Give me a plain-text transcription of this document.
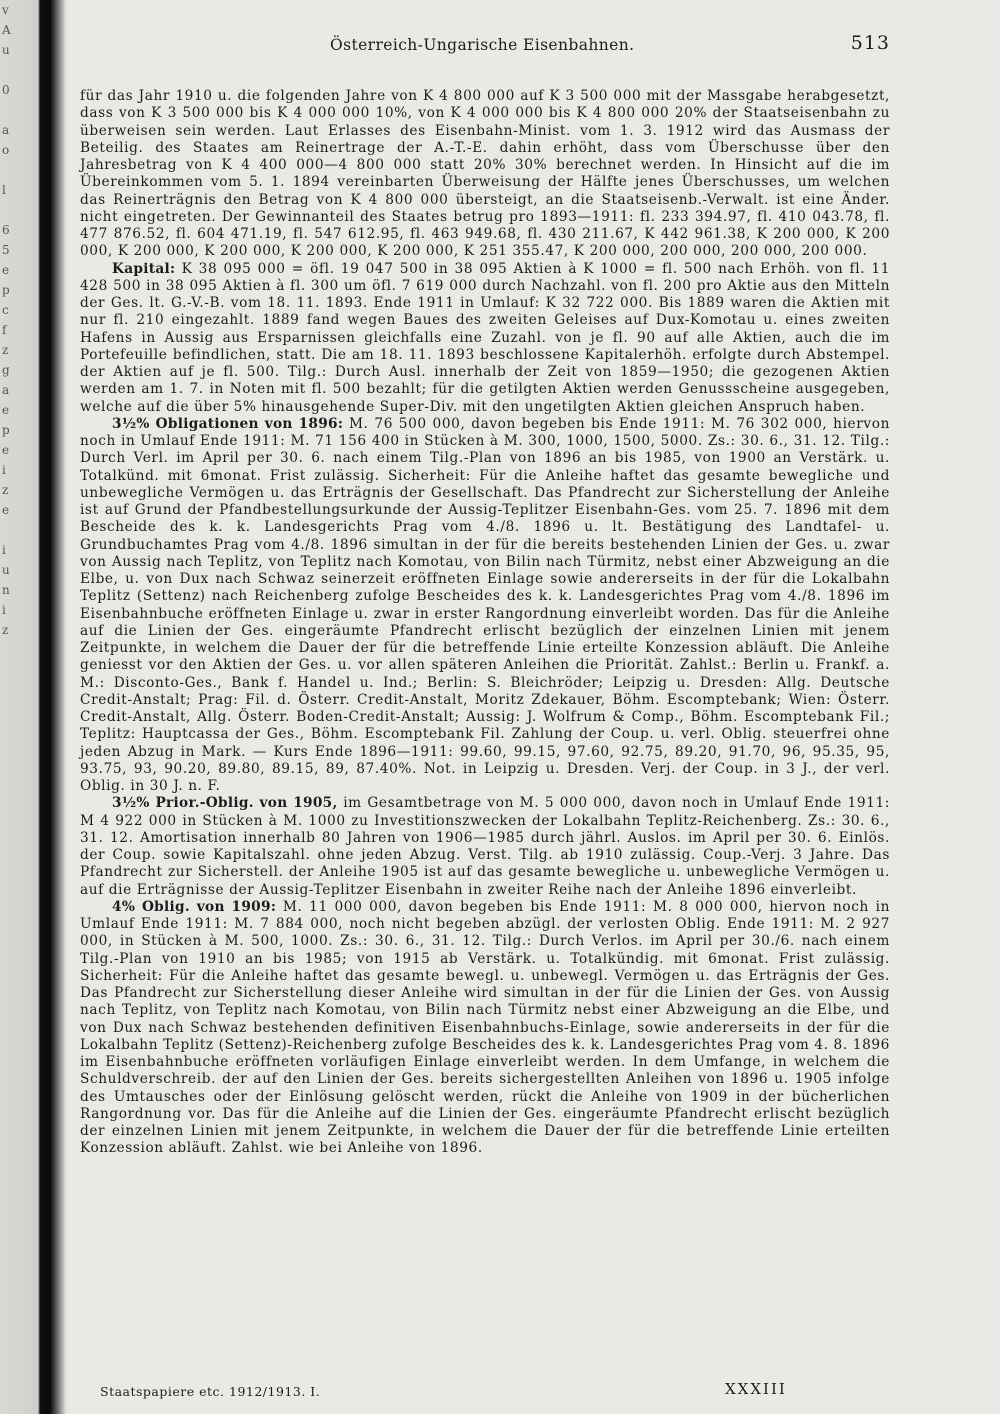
v
A
u

0

a
o

l

6
5
e
p
c
f
z
g
a
e
p
e
i
z
e

i
u
n
i
z
Österreich-Ungarische Eisenbahnen.	513

für das Jahr 1910 u. die folgenden Jahre von K 4 800 000 auf K 3 500 000 mit der Massgabe herabgesetzt, dass von K 3 500 000 bis K 4 000 000 10%, von K 4 000 000 bis K 4 800 000 20% der Staatseisenbahn zu überweisen sein werden. Laut Erlasses des Eisenbahn-Minist. vom 1. 3. 1912 wird das Ausmass der Beteilig. des Staates am Reinertrage der A.-T.-E. dahin erhöht, dass vom Überschusse über den Jahresbetrag von K 4 400 000—4 800 000 statt 20% 30% berechnet werden. In Hinsicht auf die im Übereinkommen vom 5. 1. 1894 vereinbarten Überweisung der Hälfte jenes Überschusses, um welchen das Reinerträgnis den Betrag von K 4 800 000 übersteigt, an die Staatseisenb.-Verwalt. ist eine Änder. nicht eingetreten. Der Gewinnanteil des Staates betrug pro 1893—1911: fl. 233 394.97, fl. 410 043.78, fl. 477 876.52, fl. 604 471.19, fl. 547 612.95, fl. 463 949.68, fl. 430 211.67, K 442 961.38, K 200 000, K 200 000, K 200 000, K 200 000, K 200 000, K 200 000, K 251 355.47, K 200 000, 200 000, 200 000, 200 000.

Kapital: K 38 095 000 = öfl. 19 047 500 in 38 095 Aktien à K 1000 = fl. 500 nach Erhöh. von fl. 11 428 500 in 38 095 Aktien à fl. 300 um öfl. 7 619 000 durch Nachzahl. von fl. 200 pro Aktie aus den Mitteln der Ges. lt. G.-V.-B. vom 18. 11. 1893. Ende 1911 in Umlauf: K 32 722 000. Bis 1889 waren die Aktien mit nur fl. 210 eingezahlt. 1889 fand wegen Baues des zweiten Geleises auf Dux-Komotau u. eines zweiten Hafens in Aussig aus Ersparnissen gleichfalls eine Zuzahl. von je fl. 90 auf alle Aktien, auch die im Portefeuille befindlichen, statt. Die am 18. 11. 1893 beschlossene Kapitalerhöh. erfolgte durch Abstempel. der Aktien auf je fl. 500. Tilg.: Durch Ausl. innerhalb der Zeit von 1859—1950; die gezogenen Aktien werden am 1. 7. in Noten mit fl. 500 bezahlt; für die getilgten Aktien werden Genussscheine ausgegeben, welche auf die über 5% hinausgehende Super-Div. mit den ungetilgten Aktien gleichen Anspruch haben.

3½% Obligationen von 1896: M. 76 500 000, davon begeben bis Ende 1911: M. 76 302 000, hiervon noch in Umlauf Ende 1911: M. 71 156 400 in Stücken à M. 300, 1000, 1500, 5000. Zs.: 30. 6., 31. 12. Tilg.: Durch Verl. im April per 30. 6. nach einem Tilg.-Plan von 1896 an bis 1985, von 1900 an Verstärk. u. Totalkünd. mit 6monat. Frist zulässig. Sicherheit: Für die Anleihe haftet das gesamte bewegliche und unbewegliche Vermögen u. das Erträgnis der Gesellschaft. Das Pfandrecht zur Sicherstellung der Anleihe ist auf Grund der Pfandbestellungsurkunde der Aussig-Teplitzer Eisenbahn-Ges. vom 25. 7. 1896 mit dem Bescheide des k. k. Landesgerichts Prag vom 4./8. 1896 u. lt. Bestätigung des Landtafel- u. Grundbuchamtes Prag vom 4./8. 1896 simultan in der für die bereits bestehenden Linien der Ges. u. zwar von Aussig nach Teplitz, von Teplitz nach Komotau, von Bilin nach Türmitz, nebst einer Abzweigung an die Elbe, u. von Dux nach Schwaz seinerzeit eröffneten Einlage sowie andererseits in der für die Lokalbahn Teplitz (Settenz) nach Reichenberg zufolge Bescheides des k. k. Landesgerichtes Prag vom 4./8. 1896 im Eisenbahnbuche eröffneten Einlage u. zwar in erster Rangordnung einverleibt worden. Das für die Anleihe auf die Linien der Ges. eingeräumte Pfandrecht erlischt bezüglich der einzelnen Linien mit jenem Zeitpunkte, in welchem die Dauer der für die betreffende Linie erteilte Konzession abläuft. Die Anleihe geniesst vor den Aktien der Ges. u. vor allen späteren Anleihen die Priorität. Zahlst.: Berlin u. Frankf. a. M.: Disconto-Ges., Bank f. Handel u. Ind.; Berlin: S. Bleichröder; Leipzig u. Dresden: Allg. Deutsche Credit-Anstalt; Prag: Fil. d. Österr. Credit-Anstalt, Moritz Zdekauer, Böhm. Escomptebank; Wien: Österr. Credit-Anstalt, Allg. Österr. Boden-Credit-Anstalt; Aussig: J. Wolfrum & Comp., Böhm. Escomptebank Fil.; Teplitz: Hauptcassa der Ges., Böhm. Escomptebank Fil. Zahlung der Coup. u. verl. Oblig. steuerfrei ohne jeden Abzug in Mark. — Kurs Ende 1896—1911: 99.60, 99.15, 97.60, 92.75, 89.20, 91.70, 96, 95.35, 95, 93.75, 93, 90.20, 89.80, 89.15, 89, 87.40%. Not. in Leipzig u. Dresden. Verj. der Coup. in 3 J., der verl. Oblig. in 30 J. n. F.

3½% Prior.-Oblig. von 1905, im Gesamtbetrage von M. 5 000 000, davon noch in Umlauf Ende 1911: M 4 922 000 in Stücken à M. 1000 zu Investitionszwecken der Lokalbahn Teplitz-Reichenberg. Zs.: 30. 6., 31. 12. Amortisation innerhalb 80 Jahren von 1906—1985 durch jährl. Auslos. im April per 30. 6. Einlös. der Coup. sowie Kapitalszahl. ohne jeden Abzug. Verst. Tilg. ab 1910 zulässig. Coup.-Verj. 3 Jahre. Das Pfandrecht zur Sicherstell. der Anleihe 1905 ist auf das gesamte bewegliche u. unbewegliche Vermögen u. auf die Erträgnisse der Aussig-Teplitzer Eisenbahn in zweiter Reihe nach der Anleihe 1896 einverleibt.

4% Oblig. von 1909: M. 11 000 000, davon begeben bis Ende 1911: M. 8 000 000, hiervon noch in Umlauf Ende 1911: M. 7 884 000, noch nicht begeben abzügl. der verlosten Oblig. Ende 1911: M. 2 927 000, in Stücken à M. 500, 1000. Zs.: 30. 6., 31. 12. Tilg.: Durch Verlos. im April per 30./6. nach einem Tilg.-Plan von 1910 an bis 1985; von 1915 ab Verstärk. u. Totalkündig. mit 6monat. Frist zulässig. Sicherheit: Für die Anleihe haftet das gesamte bewegl. u. unbewegl. Vermögen u. das Erträgnis der Ges. Das Pfandrecht zur Sicherstellung dieser Anleihe wird simultan in der für die Linien der Ges. von Aussig nach Teplitz, von Teplitz nach Komotau, von Bilin nach Türmitz nebst einer Abzweigung an die Elbe, und von Dux nach Schwaz bestehenden definitiven Eisenbahnbuchs-Einlage, sowie andererseits in der für die Lokalbahn Teplitz (Settenz)-Reichenberg zufolge Bescheides des k. k. Landesgerichtes Prag vom 4. 8. 1896 im Eisenbahnbuche eröffneten vorläufigen Einlage einverleibt werden. In dem Umfange, in welchem die Schuldverschreib. der auf den Linien der Ges. bereits sichergestellten Anleihen von 1896 u. 1905 infolge des Umtausches oder der Einlösung gelöscht werden, rückt die Anleihe von 1909 in der bücherlichen Rangordnung vor. Das für die Anleihe auf die Linien der Ges. eingeräumte Pfandrecht erlischt bezüglich der einzelnen Linien mit jenem Zeitpunkte, in welchem die Dauer der für die betreffende Linie erteilten Konzession abläuft. Zahlst. wie bei Anleihe von 1896.

Staatspapiere etc. 1912/1913. I.	XXXIII
